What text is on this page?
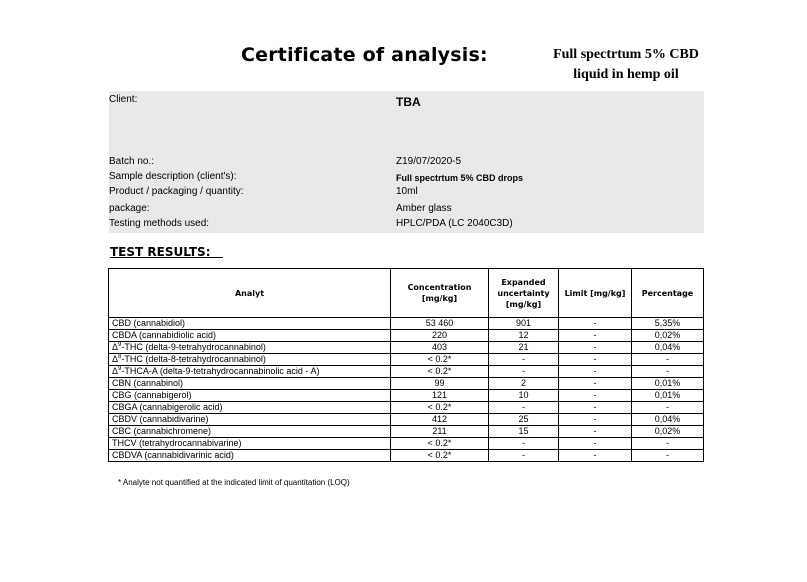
Certificate of analysis:	Full spectrtum 5% CBD
liquid in hemp oil
Client:	TBA
Batch no.:	Z19/07/2020-5
Sample description (client's):	Full spectrtum 5% CBD drops
Product / packaging / quantity:	10ml
package:	Amber glass
Testing methods used:	HPLC/PDA (LC 2040C3D)
TEST RESULTS:
Analyt	Concentration [mg/kg]	Expanded uncertainty [mg/kg]	Limit [mg/kg]	Percentage
CBD (cannabidiol)	53 460	901	-	5,35%
CBDA (cannabidiolic acid)	220	12	-	0,02%
$\Delta^9$-THC (delta-9-tetrahydrocannabinol)	403	21	-	0,04%
$\Delta^8$-THC (delta-8-tetrahydrocannabinol)	< 0.2*	-	-	-
$\Delta^9-THCA-A$ (delta-9-tetrahydrocannabinolic acid - A)	< 0.2*	-	-	-
CBN (cannabinol)	99	2	-	0,01%
CBG (cannabigerol)	121	10	-	0,01%
CBGA (cannabigerolic acid)	< 0.2*	-	-	-
CBDV (cannabidivarine)	412	25	-	0,04%
CBC (cannabichromene)	211	15	-	0,02%
THCV (tetrahydrocannabivarine)	< 0.2*	-	-	-
CBDVA (cannabidivarinic acid)	< 0.2*	-	-	-
* Analyte not quantified at the indicated limit of quantitation (LOQ)
